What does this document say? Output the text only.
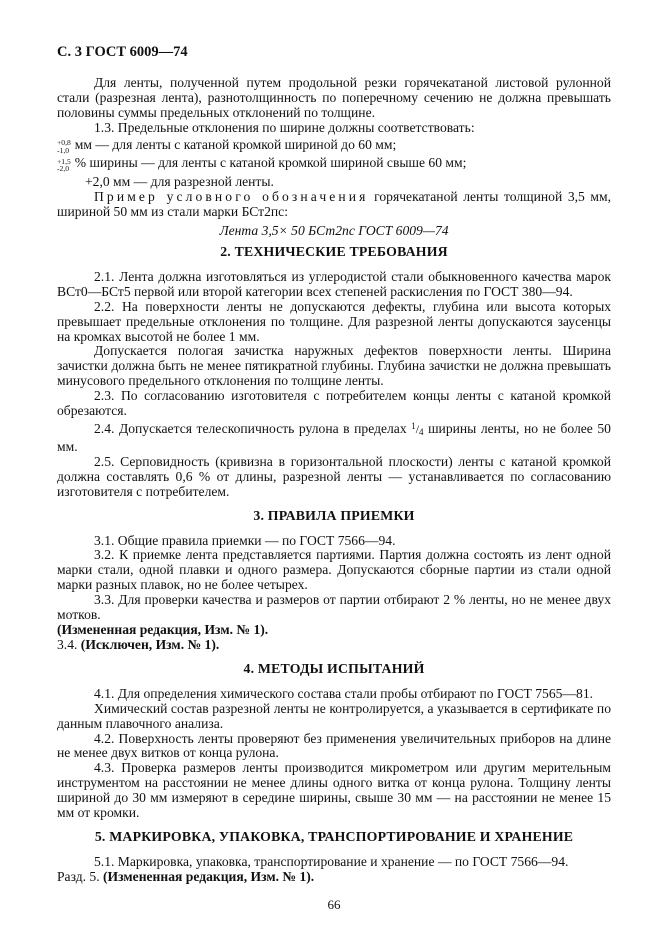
С. 3 ГОСТ 6009—74

Для ленты, полученной путем продольной резки горячекатаной листовой рулонной стали (разрезная лента), разнотолщинность по поперечному сечению не должна превышать половины суммы предельных отклонений по толщине.

1.3. Предельные отклонения по ширине должны соответствовать:

+0,8
-1,0 мм — для ленты с катаной кромкой шириной до 60 мм;

+1,5
-2,0 % ширины — для ленты с катаной кромкой шириной свыше 60 мм;

+2,0 мм — для разрезной ленты.

Пример условного обозначения горячекатаной ленты толщиной 3,5 мм, шириной 50 мм из стали марки БСт2пс:

Лента 3,5× 50 БСт2пс ГОСТ 6009—74

2. ТЕХНИЧЕСКИЕ ТРЕБОВАНИЯ

2.1. Лента должна изготовляться из углеродистой стали обыкновенного качества марок ВСт0—БСт5 первой или второй категории всех степеней раскисления по ГОСТ 380—94.

2.2. На поверхности ленты не допускаются дефекты, глубина или высота которых превышает предельные отклонения по толщине. Для разрезной ленты допускаются заусенцы на кромках высотой не более 1 мм.

Допускается пологая зачистка наружных дефектов поверхности ленты. Ширина зачистки должна быть не менее пятикратной глубины. Глубина зачистки не должна превышать минусового предельного отклонения по толщине ленты.

2.3. По согласованию изготовителя с потребителем концы ленты с катаной кромкой обрезаются.

2.4. Допускается телескопичность рулона в пределах $^1$/4 ширины ленты, но не более 50 мм.

2.5. Серповидность (кривизна в горизонтальной плоскости) ленты с катаной кромкой должна составлять 0,6 % от длины, разрезной ленты — устанавливается по согласованию изготовителя с потребителем.

3. ПРАВИЛА ПРИЕМКИ

3.1. Общие правила приемки — по ГОСТ 7566—94.

3.2. К приемке лента представляется партиями. Партия должна состоять из лент одной марки стали, одной плавки и одного размера. Допускаются сборные партии из стали одной марки разных плавок, но не более четырех.

3.3. Для проверки качества и размеров от партии отбирают 2 % ленты, но не менее двух мотков.

(Измененная редакция, Изм. № 1).

3.4. (Исключен, Изм. № 1).

4. МЕТОДЫ ИСПЫТАНИЙ

4.1. Для определения химического состава стали пробы отбирают по ГОСТ 7565—81.

Химический состав разрезной ленты не контролируется, а указывается в сертификате по данным плавочного анализа.

4.2. Поверхность ленты проверяют без применения увеличительных приборов на длине не менее двух витков от конца рулона.

4.3. Проверка размеров ленты производится микрометром или другим мерительным инструментом на расстоянии не менее длины одного витка от конца рулона. Толщину ленты шириной до 30 мм измеряют в середине ширины, свыше 30 мм — на расстоянии не менее 15 мм от кромки.

5. МАРКИРОВКА, УПАКОВКА, ТРАНСПОРТИРОВАНИЕ И ХРАНЕНИЕ

5.1. Маркировка, упаковка, транспортирование и хранение — по ГОСТ 7566—94.

Разд. 5. (Измененная редакция, Изм. № 1).

66
